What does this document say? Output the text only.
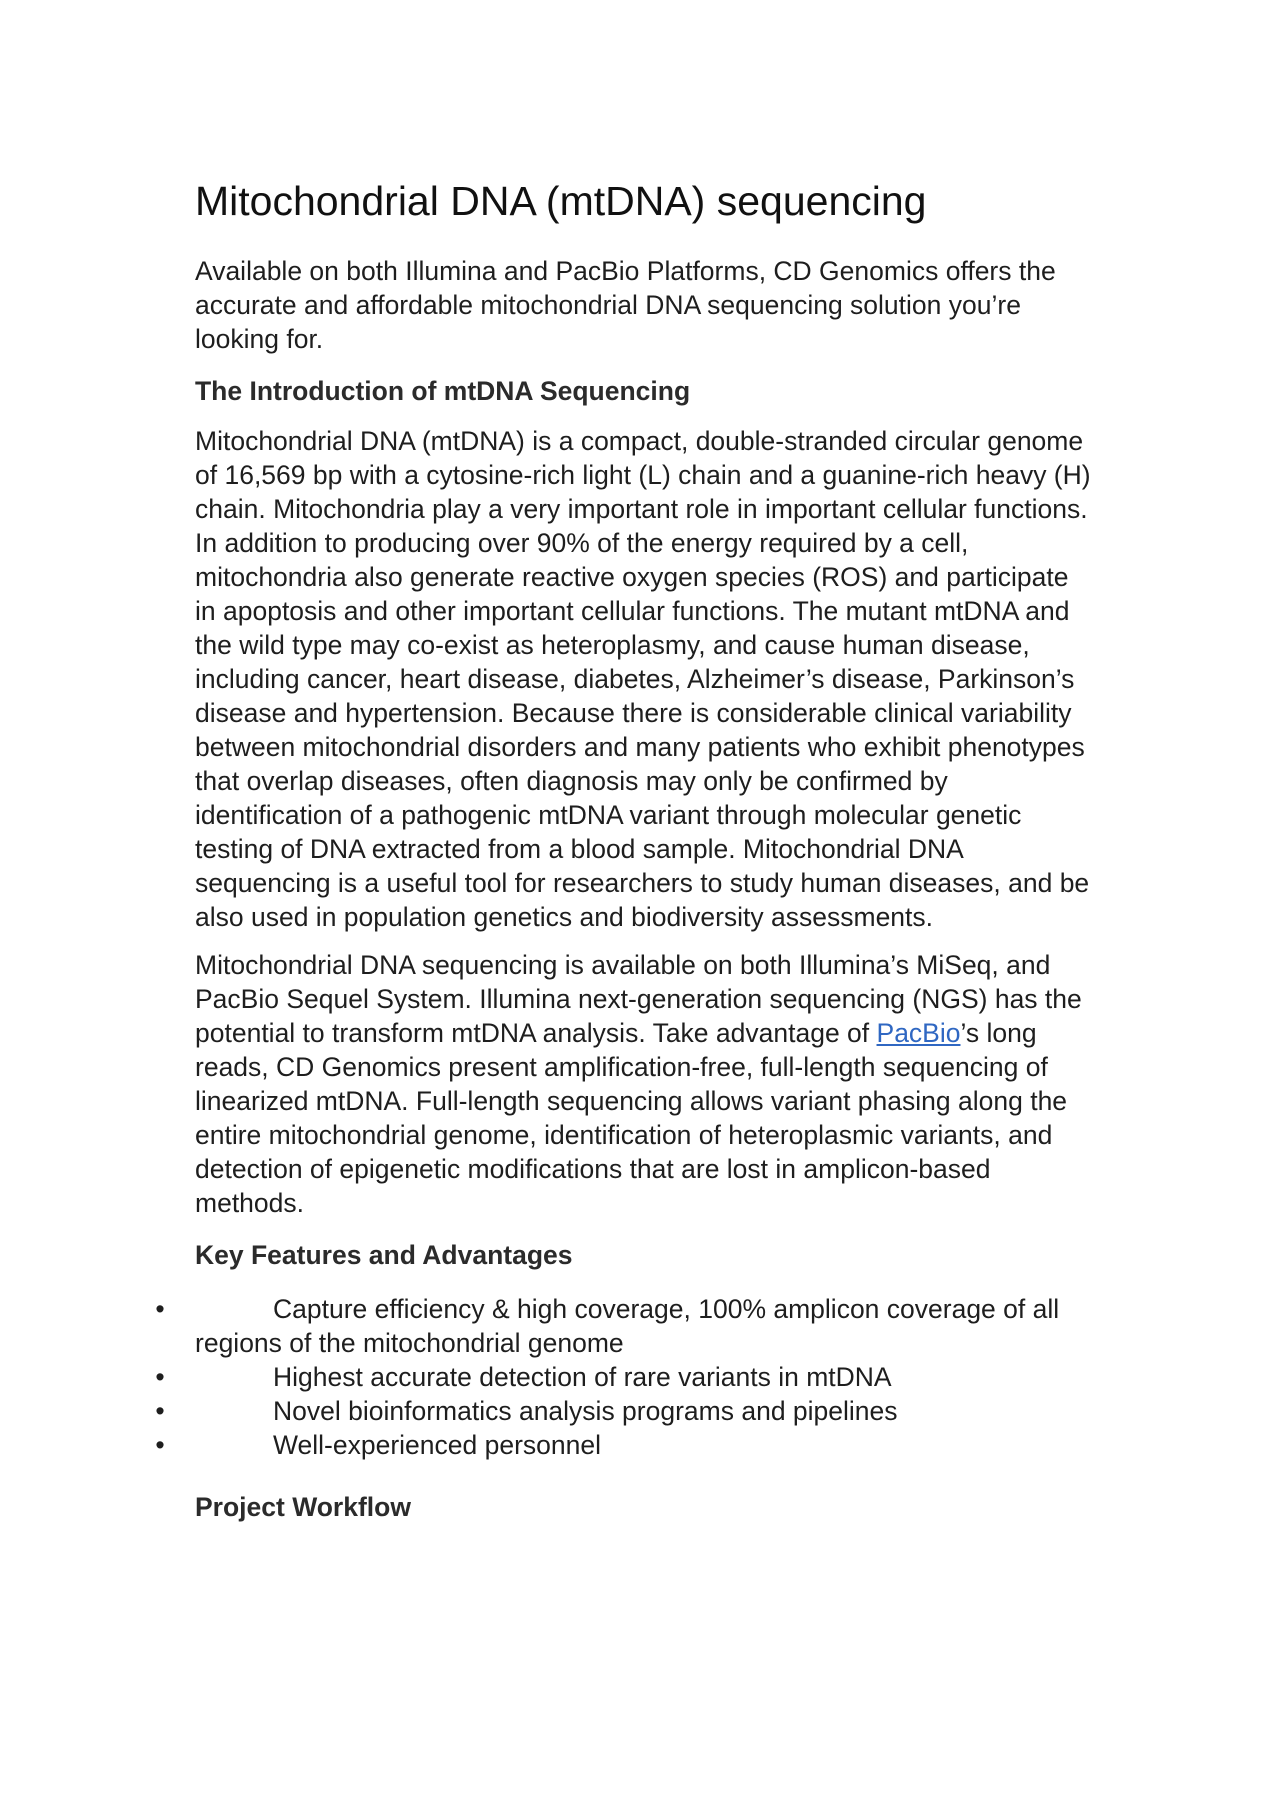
Mitochondrial DNA (mtDNA) sequencing

Available on both Illumina and PacBio Platforms, CD Genomics offers the accurate and affordable mitochondrial DNA sequencing solution you’re looking for.

The Introduction of mtDNA Sequencing

Mitochondrial DNA (mtDNA) is a compact, double-stranded circular genome of 16,569 bp with a cytosine-rich light (L) chain and a guanine-rich heavy (H) chain. Mitochondria play a very important role in important cellular functions. In addition to producing over 90% of the energy required by a cell, mitochondria also generate reactive oxygen species (ROS) and participate in apoptosis and other important cellular functions. The mutant mtDNA and the wild type may co-exist as heteroplasmy, and cause human disease, including cancer, heart disease, diabetes, Alzheimer’s disease, Parkinson’s disease and hypertension. Because there is considerable clinical variability between mitochondrial disorders and many patients who exhibit phenotypes that overlap diseases, often diagnosis may only be confirmed by identification of a pathogenic mtDNA variant through molecular genetic testing of DNA extracted from a blood sample. Mitochondrial DNA sequencing is a useful tool for researchers to study human diseases, and be also used in population genetics and biodiversity assessments.

Mitochondrial DNA sequencing is available on both Illumina’s MiSeq, and PacBio Sequel System. Illumina next-generation sequencing (NGS) has the potential to transform mtDNA analysis. Take advantage of PacBio’s long reads, CD Genomics present amplification-free, full-length sequencing of linearized mtDNA. Full-length sequencing allows variant phasing along the entire mitochondrial genome, identification of heteroplasmic variants, and detection of epigenetic modifications that are lost in amplicon-based methods.

Key Features and Advantages
•	Capture efficiency & high coverage, 100% amplicon coverage of all regions of the mitochondrial genome
•	Highest accurate detection of rare variants in mtDNA
•	Novel bioinformatics analysis programs and pipelines
•	Well-experienced personnel
Project Workflow
